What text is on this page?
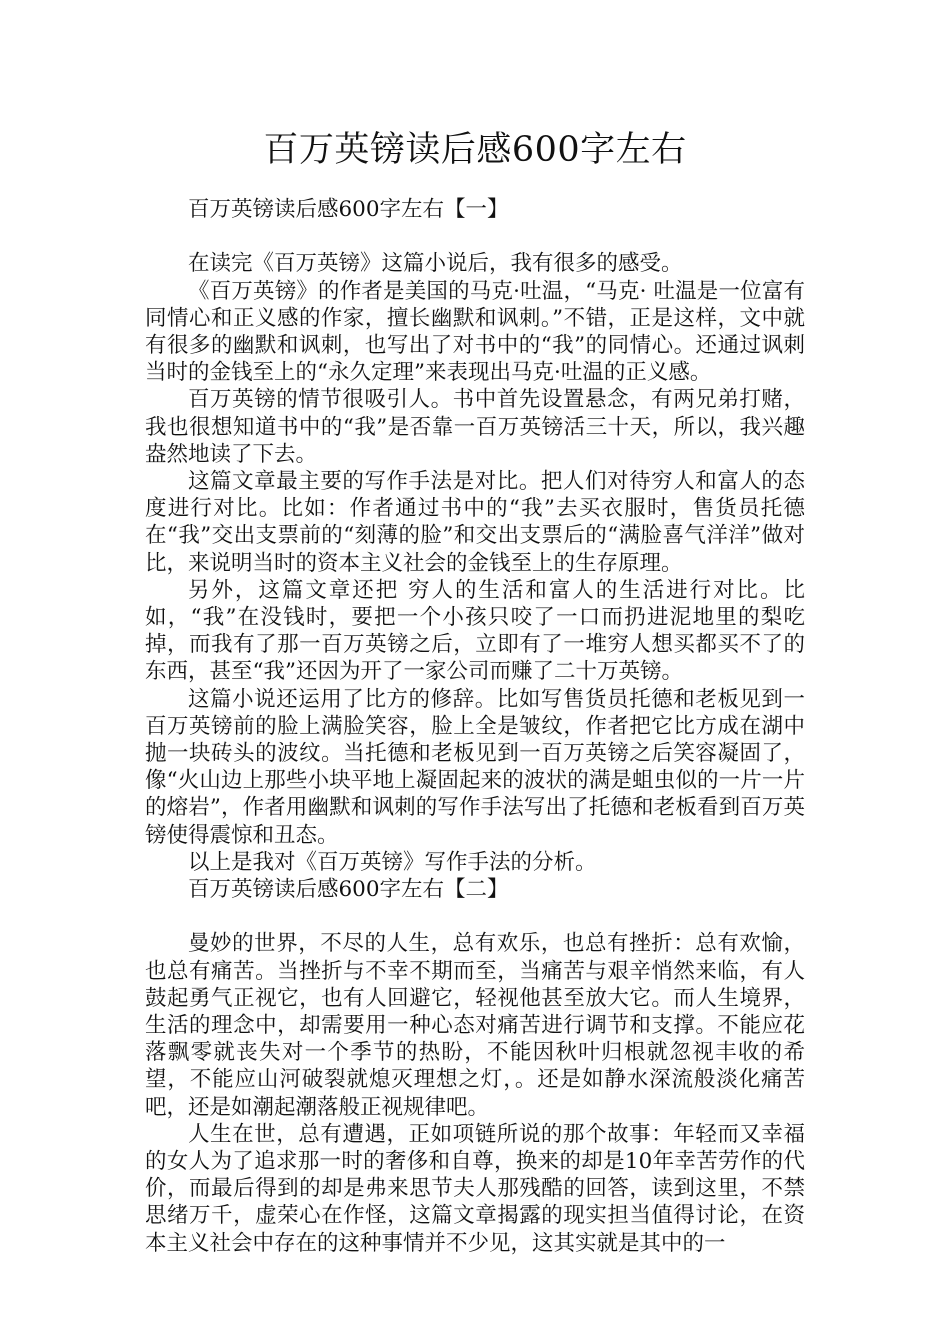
百万英镑读后感600字左右

百万英镑读后感600字左右【一】

在读完《百万英镑》这篇小说后，我有很多的感受。

《百万英镑》的作者是美国的马克·吐温，“马克· 吐温是一位富有同情心和正义感的作家，擅长幽默和讽刺。”不错，正是这样，文中就有很多的幽默和讽刺，也写出了对书中的“我”的同情心。还通过讽刺当时的金钱至上的“永久定理”来表现出马克·吐温的正义感。

百万英镑的情节很吸引人。书中首先设置悬念，有两兄弟打赌，我也很想知道书中的“我”是否靠一百万英镑活三十天，所以，我兴趣盎然地读了下去。

这篇文章最主要的写作手法是对比。把人们对待穷人和富人的态度进行对比。比如：作者通过书中的“我”去买衣服时，售货员托德在“我”交出支票前的“刻薄的脸”和交出支票后的“满脸喜气洋洋”做对比，来说明当时的资本主义社会的金钱至上的生存原理。

另外，这篇文章还把 穷人的生活和富人的生活进行对比。比如，“我”在没钱时，要把一个小孩只咬了一口而扔进泥地里的梨吃掉，而我有了那一百万英镑之后，立即有了一堆穷人想买都买不了的东西，甚至“我”还因为开了一家公司而赚了二十万英镑。

这篇小说还运用了比方的修辞。比如写售货员托德和老板见到一百万英镑前的脸上满脸笑容，脸上全是皱纹，作者把它比方成在湖中抛一块砖头的波纹。当托德和老板见到一百万英镑之后笑容凝固了，像“火山边上那些小块平地上凝固起来的波状的满是蛆虫似的一片一片的熔岩”，作者用幽默和讽刺的写作手法写出了托德和老板看到百万英镑使得震惊和丑态。

以上是我对《百万英镑》写作手法的分析。

百万英镑读后感600字左右【二】

曼妙的世界，不尽的人生，总有欢乐，也总有挫折：总有欢愉，也总有痛苦。当挫折与不幸不期而至，当痛苦与艰辛悄然来临，有人鼓起勇气正视它，也有人回避它，轻视他甚至放大它。而人生境界，生活的理念中，却需要用一种心态对痛苦进行调节和支撑。不能应花落飘零就丧失对一个季节的热盼，不能因秋叶归根就忽视丰收的希望，不能应山河破裂就熄灭理想之灯，。还是如静水深流般淡化痛苦吧，还是如潮起潮落般正视规律吧。

人生在世，总有遭遇，正如项链所说的那个故事：年轻而又幸福的女人为了追求那一时的奢侈和自尊，换来的却是10年幸苦劳作的代价，而最后得到的却是弗来思节夫人那残酷的回答，读到这里，不禁思绪万千，虚荣心在作怪，这篇文章揭露的现实担当值得讨论，在资本主义社会中存在的这种事情并不少见，这其实就是其中的一
